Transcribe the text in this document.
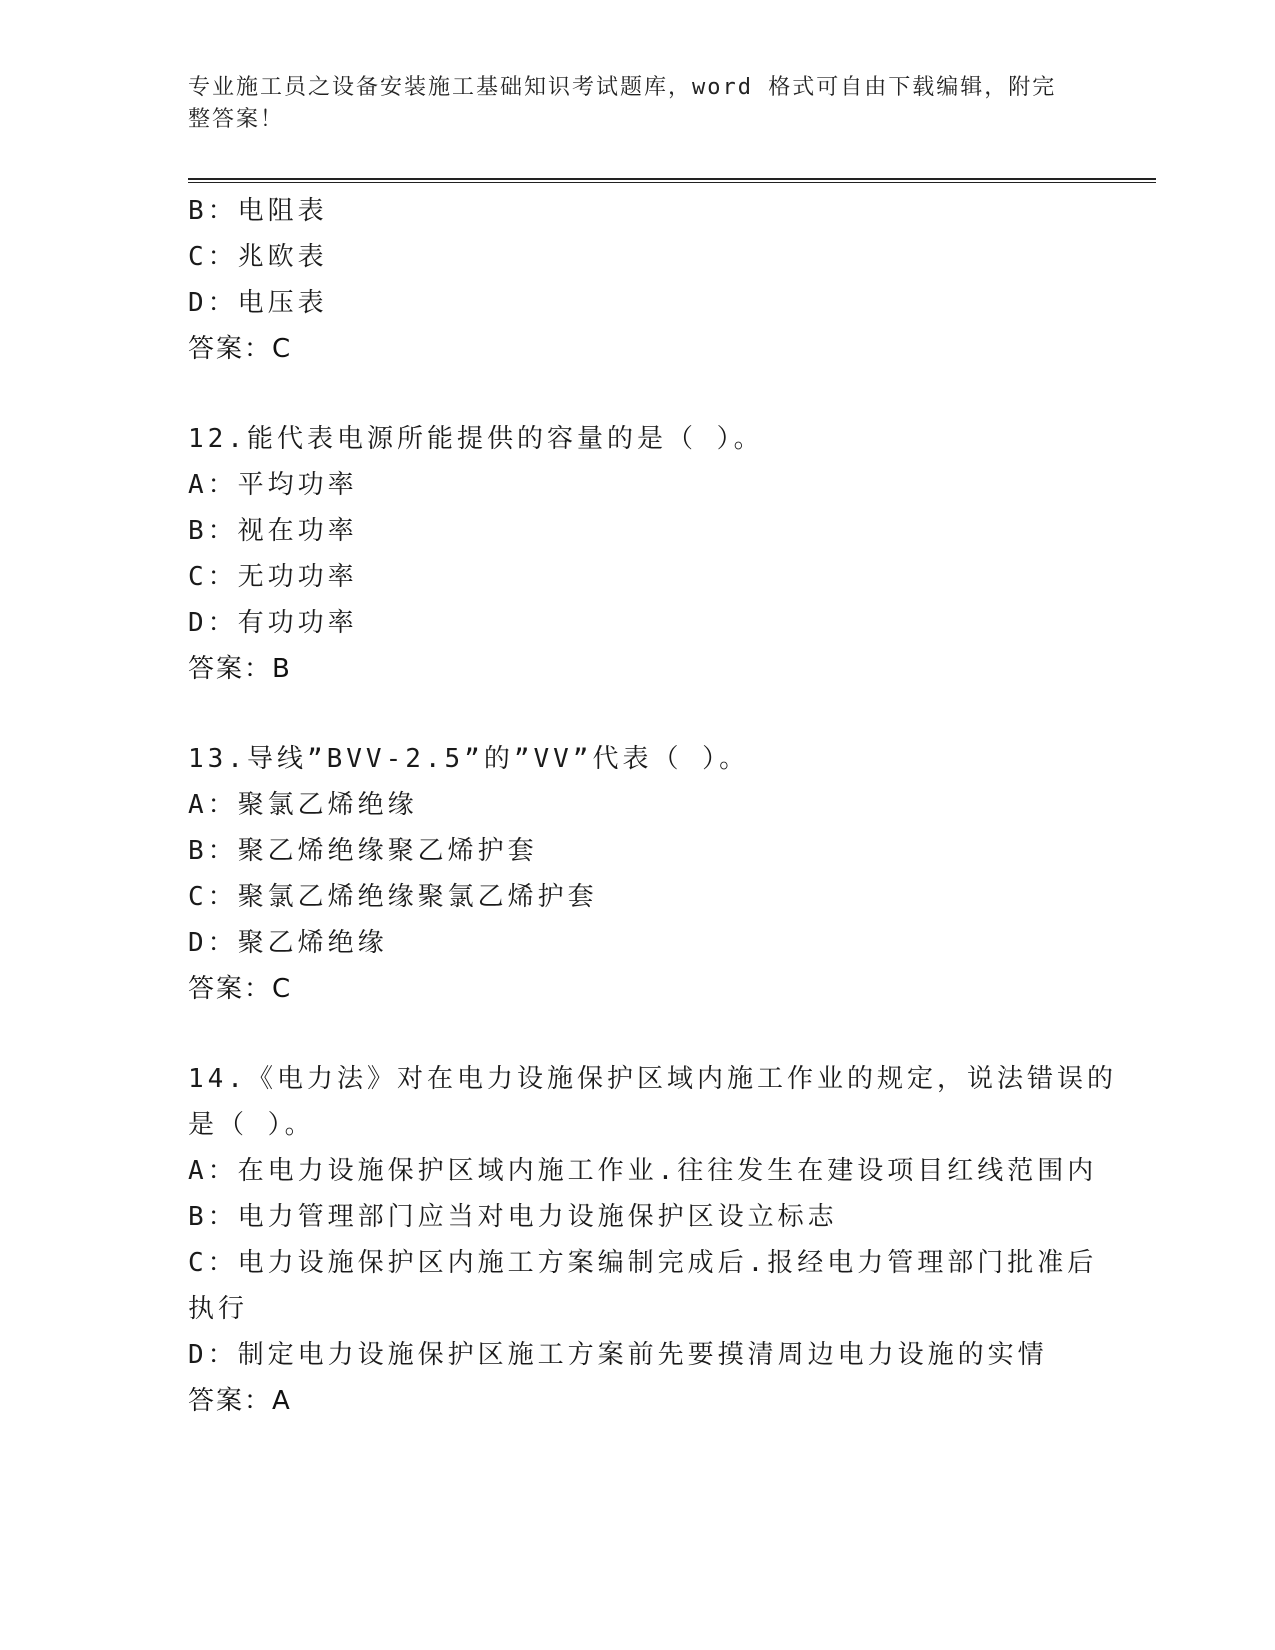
专业施工员之设备安装施工基础知识考试题库，word 格式可自由下载编辑，附完
整答案！
B：电阻表
C：兆欧表
D：电压表
答案：C
12.能代表电源所能提供的容量的是（ ）。
A：平均功率
B：视在功率
C：无功功率
D：有功功率
答案：B
13.导线”BVV-2.5”的”VV”代表（ ）。
A：聚氯乙烯绝缘
B：聚乙烯绝缘聚乙烯护套
C：聚氯乙烯绝缘聚氯乙烯护套
D：聚乙烯绝缘
答案：C
14.《电力法》对在电力设施保护区域内施工作业的规定，说法错误的
是（ ）。
A：在电力设施保护区域内施工作业.往往发生在建设项目红线范围内
B：电力管理部门应当对电力设施保护区设立标志
C：电力设施保护区内施工方案编制完成后.报经电力管理部门批准后
执行
D：制定电力设施保护区施工方案前先要摸清周边电力设施的实情
答案：A
